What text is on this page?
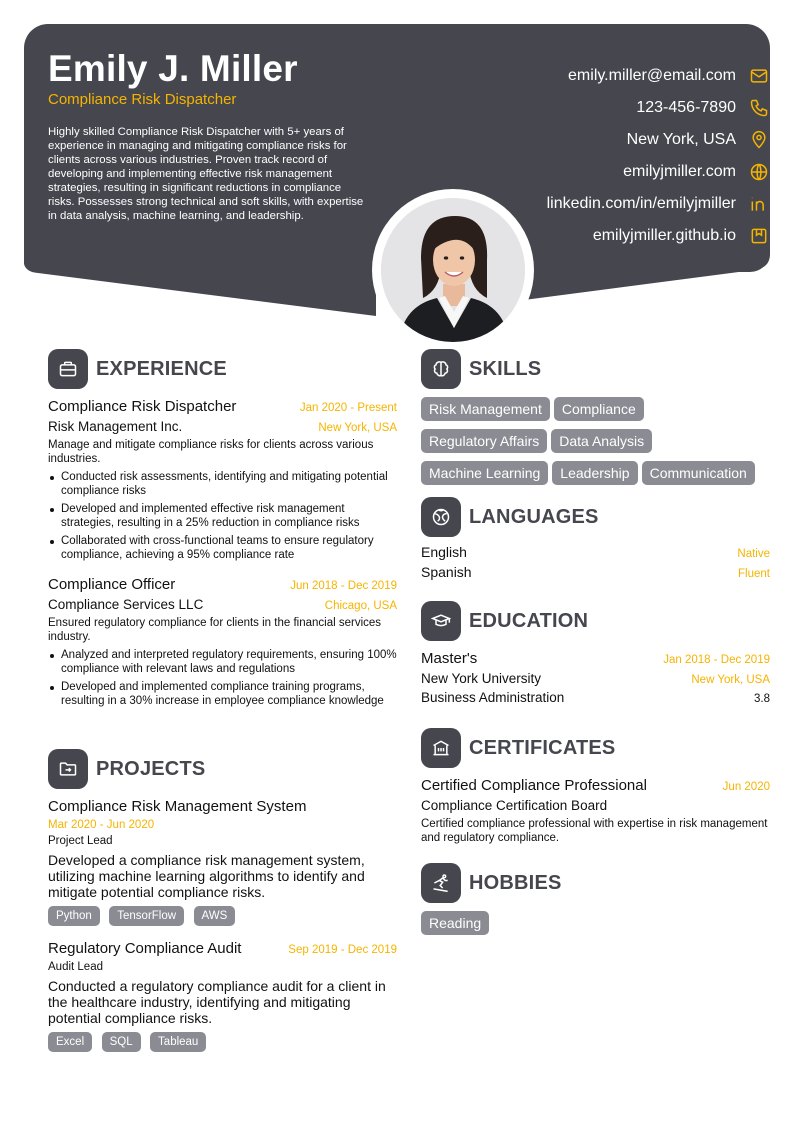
Emily J. Miller
Compliance Risk Dispatcher
Highly skilled Compliance Risk Dispatcher with 5+ years of experience in managing and mitigating compliance risks for clients across various industries. Proven track record of developing and implementing effective risk management strategies, resulting in significant reductions in compliance risks. Possesses strong technical and soft skills, with expertise in data analysis, machine learning, and leadership.
emily.miller@email.com
123-456-7890
New York, USA
emilyjmiller.com
linkedin.com/in/emilyjmiller
emilyjmiller.github.io
EXPERIENCE
Compliance Risk Dispatcher	Jan 2020 - Present
Risk Management Inc.	New York, USA
Manage and mitigate compliance risks for clients across various industries.
Conducted risk assessments, identifying and mitigating potential compliance risks
Developed and implemented effective risk management strategies, resulting in a 25% reduction in compliance risks
Collaborated with cross-functional teams to ensure regulatory compliance, achieving a 95% compliance rate
Compliance Officer	Jun 2018 - Dec 2019
Compliance Services LLC	Chicago, USA
Ensured regulatory compliance for clients in the financial services industry.
Analyzed and interpreted regulatory requirements, ensuring 100% compliance with relevant laws and regulations
Developed and implemented compliance training programs, resulting in a 30% increase in employee compliance knowledge
PROJECTS
Compliance Risk Management System
Mar 2020 - Jun 2020
Project Lead
Developed a compliance risk management system, utilizing machine learning algorithms to identify and mitigate potential compliance risks.
Python TensorFlow AWS
Regulatory Compliance Audit	Sep 2019 - Dec 2019
Audit Lead
Conducted a regulatory compliance audit for a client in the healthcare industry, identifying and mitigating potential compliance risks.
Excel SQL Tableau
SKILLS
Risk Management Compliance
Regulatory Affairs Data Analysis
Machine Learning Leadership Communication
LANGUAGES
English	Native
Spanish	Fluent
EDUCATION
Master's	Jan 2018 - Dec 2019
New York University	New York, USA
Business Administration	3.8
CERTIFICATES
Certified Compliance Professional	Jun 2020
Compliance Certification Board
Certified compliance professional with expertise in risk management and regulatory compliance.
HOBBIES
Reading
